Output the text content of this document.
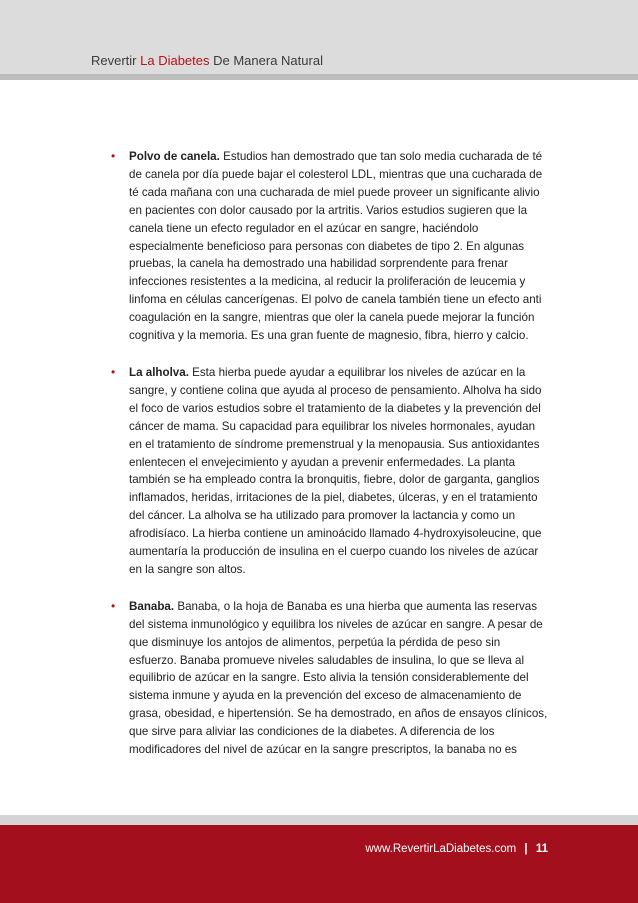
Revertir La Diabetes De Manera Natural
• Polvo de canela. Estudios han demostrado que tan solo media cucharada de té de canela por día puede bajar el colesterol LDL, mientras que una cucharada de té cada mañana con una cucharada de miel puede proveer un significante alivio en pacientes con dolor causado por la artritis. Varios estudios sugieren que la canela tiene un efecto regulador en el azúcar en sangre, haciéndolo especialmente beneficioso para personas con diabetes de tipo 2. En algunas pruebas, la canela ha demostrado una habilidad sorprendente para frenar infecciones resistentes a la medicina, al reducir la proliferación de leucemia y linfoma en células cancerígenas. El polvo de canela también tiene un efecto anti coagulación en la sangre, mientras que oler la canela puede mejorar la función cognitiva y la memoria. Es una gran fuente de magnesio, fibra, hierro y calcio.
• La alholva. Esta hierba puede ayudar a equilibrar los niveles de azúcar en la sangre, y contiene colina que ayuda al proceso de pensamiento. Alholva ha sido el foco de varios estudios sobre el tratamiento de la diabetes y la prevención del cáncer de mama. Su capacidad para equilibrar los niveles hormonales, ayudan en el tratamiento de síndrome premenstrual y la menopausia. Sus antioxidantes enlentecen el envejecimiento y ayudan a prevenir enfermedades. La planta también se ha empleado contra la bronquitis, fiebre, dolor de garganta, ganglios inflamados, heridas, irritaciones de la piel, diabetes, úlceras, y en el tratamiento del cáncer. La alholva se ha utilizado para promover la lactancia y como un afrodisíaco. La hierba contiene un aminoácido llamado 4-hydroxyisoleucine, que aumentaría la producción de insulina en el cuerpo cuando los niveles de azúcar en la sangre son altos.
• Banaba. Banaba, o la hoja de Banaba es una hierba que aumenta las reservas del sistema inmunológico y equilibra los niveles de azúcar en sangre. A pesar de que disminuye los antojos de alimentos, perpetúa la pérdida de peso sin esfuerzo. Banaba promueve niveles saludables de insulina, lo que se lleva al equilibrio de azúcar en la sangre. Esto alivia la tensión considerablemente del sistema inmune y ayuda en la prevención del exceso de almacenamiento de grasa, obesidad, e hipertensión. Se ha demostrado, en años de ensayos clínicos, que sirve para aliviar las condiciones de la diabetes. A diferencia de los modificadores del nivel de azúcar en la sangre prescriptos, la banaba no es
www.RevertirLaDiabetes.com | 11
